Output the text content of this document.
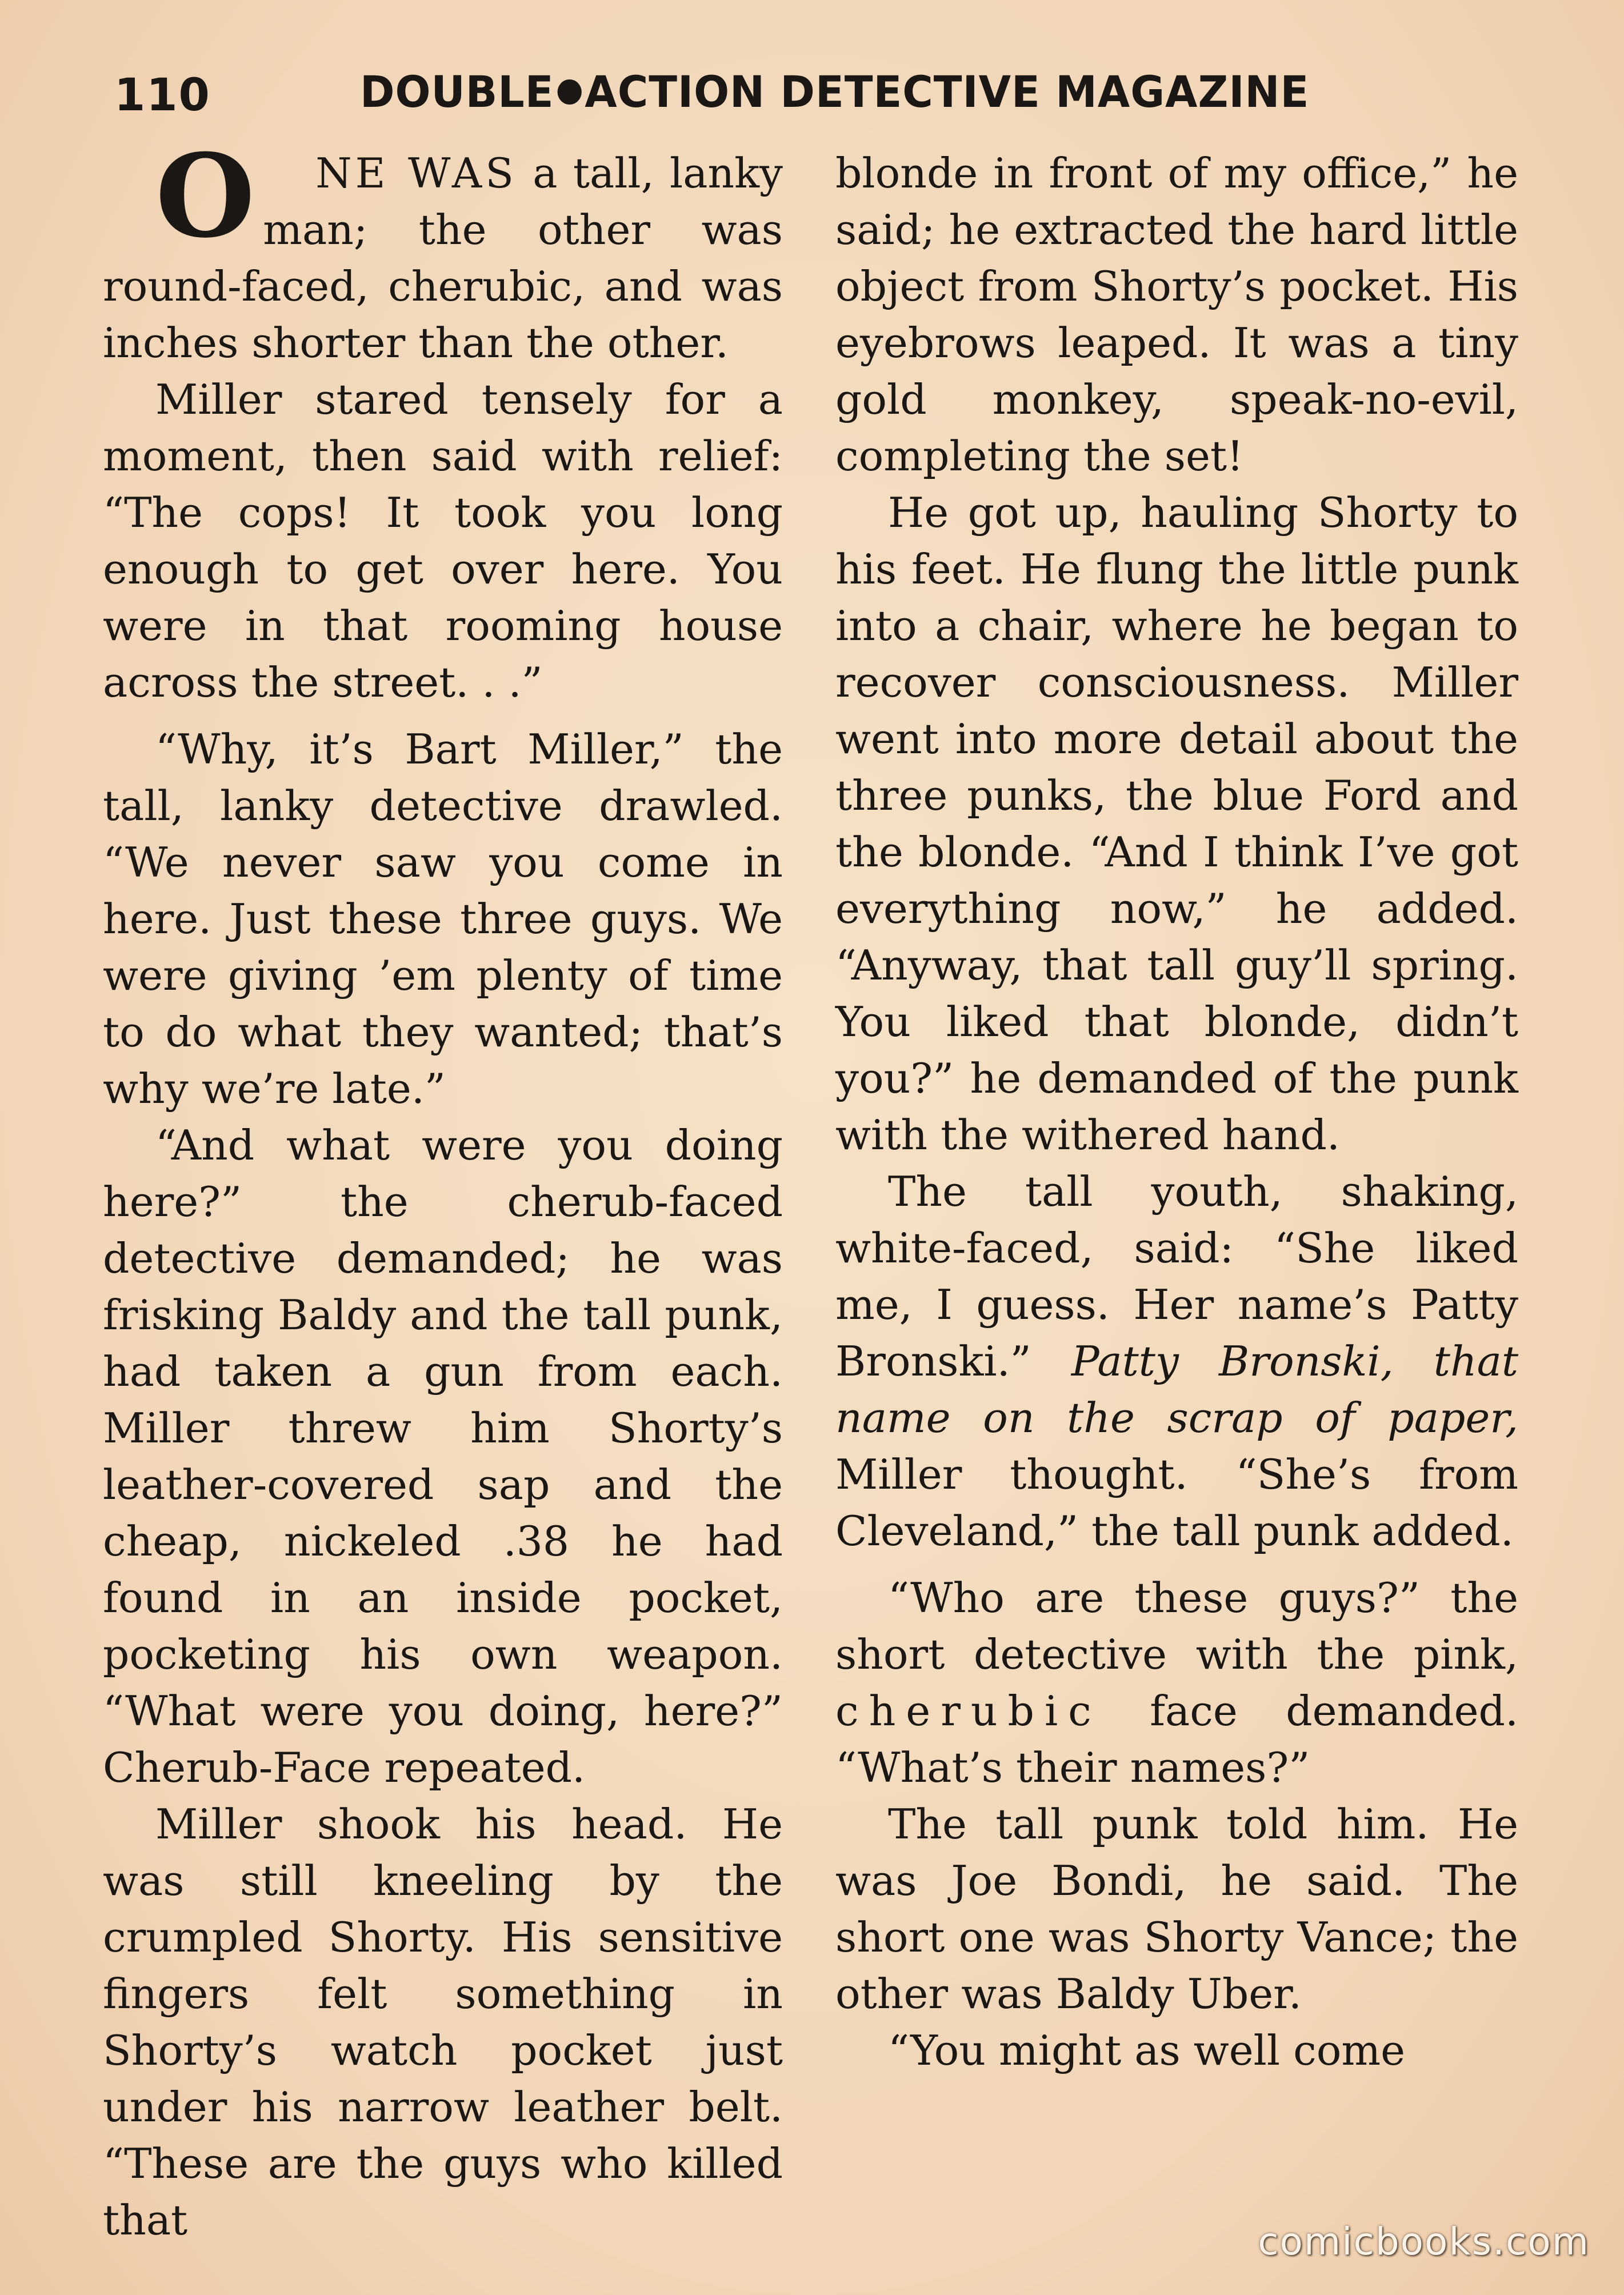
110	DOUBLE ACTION DETECTIVE MAGAZINE

O NE WAS a tall, lanky man; the other was round-faced, cherubic, and was inches shorter than the other.

Miller stared tensely for a moment, then said with relief: “The cops! It took you long enough to get over here. You were in that rooming house across the street. . .”

“Why, it’s Bart Miller,” the tall, lanky detective drawled. “We never saw you come in here. Just these three guys. We were giving ’em plenty of time to do what they wanted; that’s why we’re late.”

“And what were you doing here?” the cherub-faced detective demanded; he was frisking Baldy and the tall punk, had taken a gun from each. Miller threw him Shorty’s leather-covered sap and the cheap, nickeled .38 he had found in an inside pocket, pocketing his own weapon. “What were you doing, here?” Cherub-Face repeated.

Miller shook his head. He was still kneeling by the crumpled Shorty. His sensitive fingers felt something in Shorty’s watch pocket just under his narrow leather belt. “These are the guys who killed that

blonde in front of my office,” he said; he extracted the hard little object from Shorty’s pocket. His eyebrows leaped. It was a tiny gold monkey, speak-no-evil, completing the set!

He got up, hauling Shorty to his feet. He flung the little punk into a chair, where he began to recover consciousness. Miller went into more detail about the three punks, the blue Ford and the blonde. “And I think I’ve got everything now,” he added. “Anyway, that tall guy’ll spring. You liked that blonde, didn’t you?” he demanded of the punk with the withered hand.

The tall youth, shaking, white-faced, said: “She liked me, I guess. Her name’s Patty Bronski.” Patty Bronski, that name on the scrap of paper, Miller thought. “She’s from Cleveland,” the tall punk added.

“Who are these guys?” the short detective with the pink, cherubic face demanded. “What’s their names?”

The tall punk told him. He was Joe Bondi, he said. The short one was Shorty Vance; the other was Baldy Uber.

“You might as well come

comicbooks.com
